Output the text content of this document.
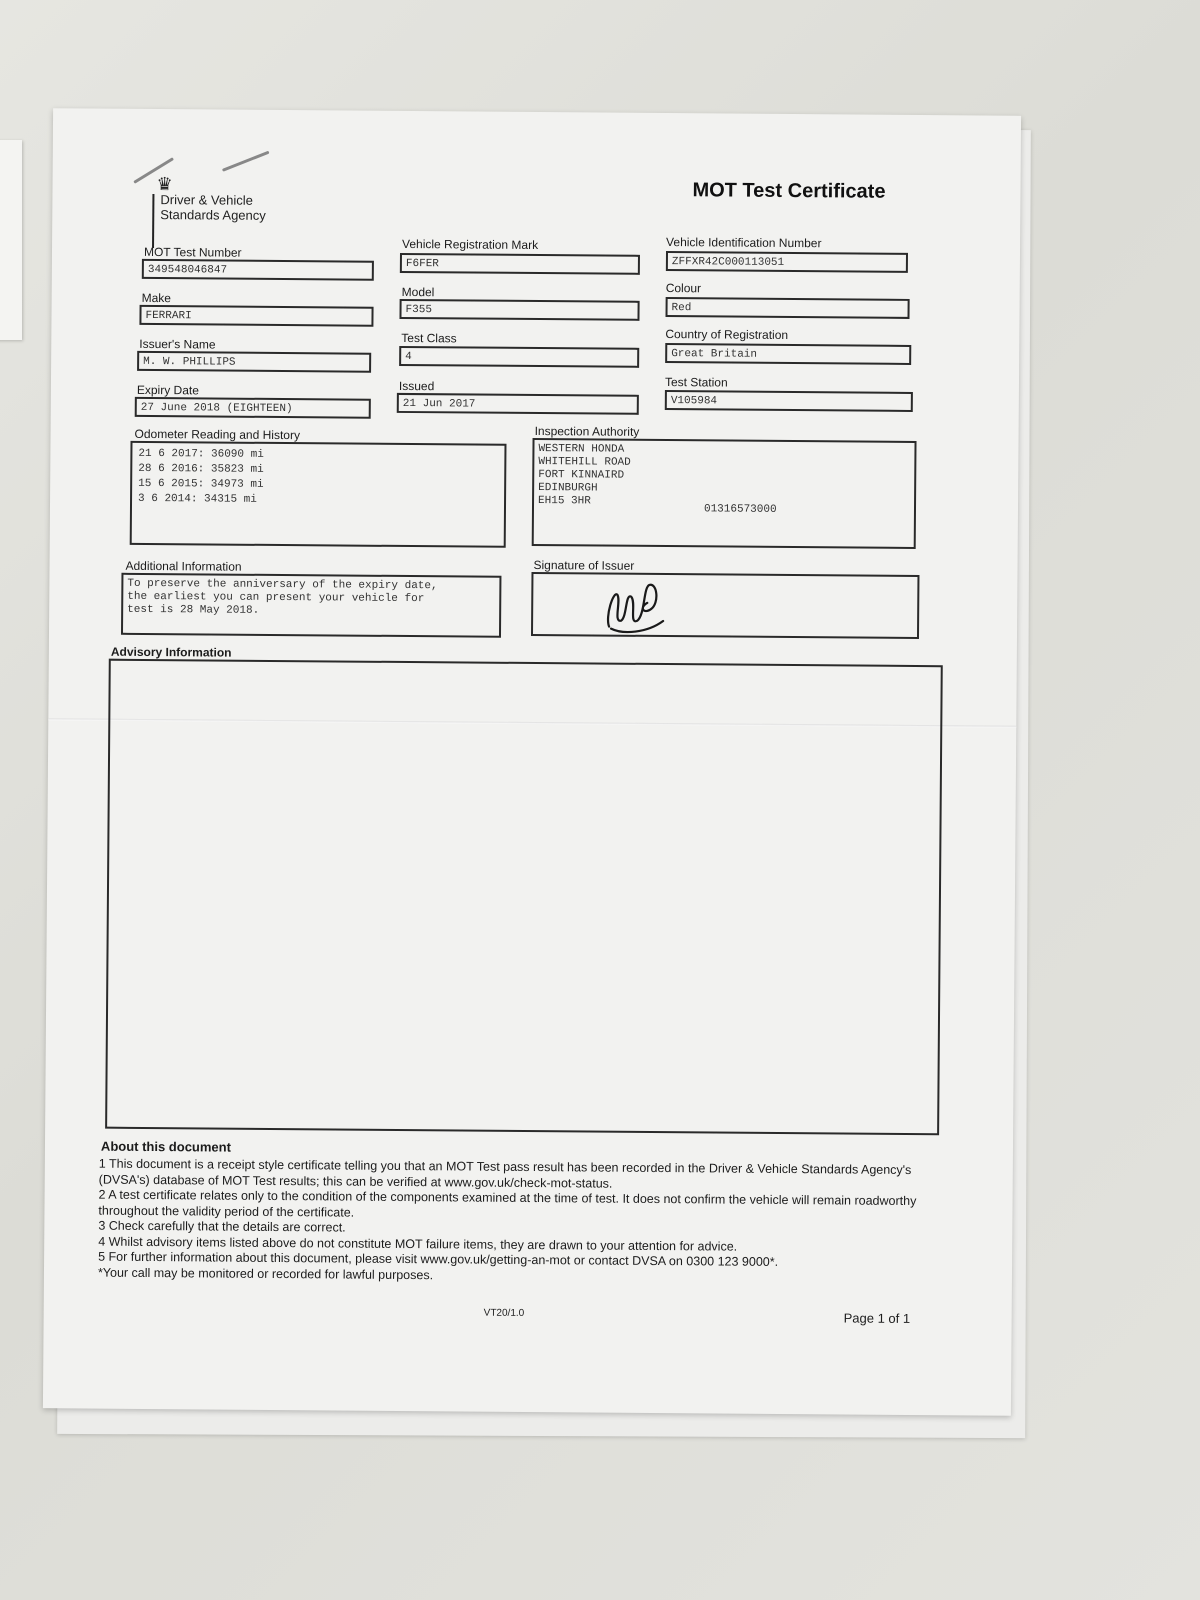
♛
Driver & Vehicle Standards Agency
MOT Test Certificate
MOT Test Number
349548046847
Vehicle Registration Mark
F6FER
Vehicle Identification Number
ZFFXR42C000113051
Make
FERRARI
Model
F355
Colour
Red
Issuer's Name
M. W. PHILLIPS
Test Class
4
Country of Registration
Great Britain
Expiry Date
27 June 2018 (EIGHTEEN)
Issued
21 Jun 2017
Test Station
V105984
Odometer Reading and History
21 6 2017: 36090 mi
28 6 2016: 35823 mi
15 6 2015: 34973 mi
3 6 2014: 34315 mi
Inspection Authority
WESTERN HONDA
WHITEHILL ROAD
FORT KINNAIRD
EDINBURGH
EH15 3HR
01316573000
Additional Information
To preserve the anniversary of the expiry date,
the earliest you can present your vehicle for
test is 28 May 2018.
Signature of Issuer
Advisory Information
About this document
1 This document is a receipt style certificate telling you that an MOT Test pass result has been recorded in the Driver & Vehicle Standards Agency's (DVSA's) database of MOT Test results; this can be verified at www.gov.uk/check-mot-status.
2 A test certificate relates only to the condition of the components examined at the time of test. It does not confirm the vehicle will remain roadworthy throughout the validity period of the certificate.
3 Check carefully that the details are correct.
4 Whilst advisory items listed above do not constitute MOT failure items, they are drawn to your attention for advice.
5 For further information about this document, please visit www.gov.uk/getting-an-mot or contact DVSA on 0300 123 9000*.
*Your call may be monitored or recorded for lawful purposes.
VT20/1.0	Page 1 of 1
